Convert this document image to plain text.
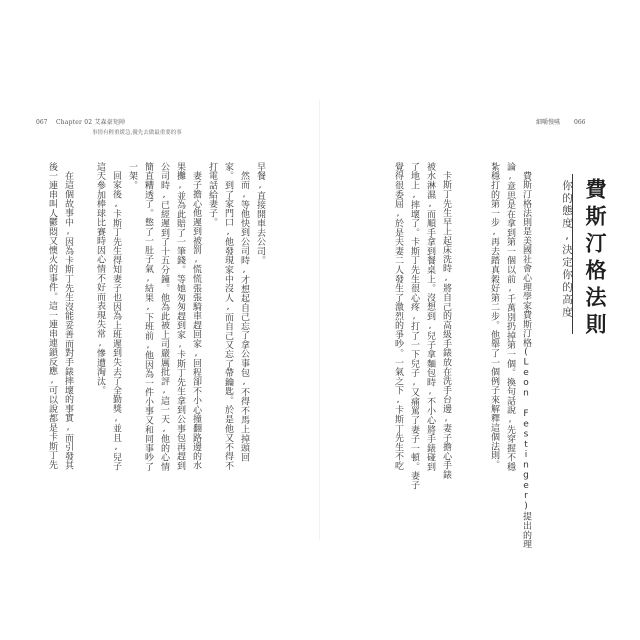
067 Chapter 02 艾森豪矩陣
事情有輕重緩急,優先去做最重要的事
細嚼慢嚥 066
費斯汀格法則
你的態度,決定你的高度
費斯汀格法則是美國社會心理學家費斯汀格(Leon Festinger)提出的理
論,意思是在拿到第一個以前,千萬別扔掉第一個。換句話說,先穿握不穩
紮穩打的第一步,再去踏真穀好第二步。他舉了一個例子來解釋這個法則。
卡斯丁先生早上起床洗時,將自己的高級手錶放在洗手台邊,妻子擔心手錶
被水淋濕,而順手拿到餐桌上。沒想到,兒子拿麵包時,不小心將手錶碰到
了地上,摔壞了。卡斯丁先生很心疼,打了一下兒子,又痛罵了妻子一頓。妻子
覺得很委屈,於是夫妻二人發生了激烈的爭吵。一氣之下,卡斯丁先生不吃
早餐,直接開車去公司。
然而,等他快到公司時,才想起自己忘了拿公事包,不得不馬上掉頭回
家。到了家門口,他發現家中沒人,而自己又忘了帶鑰匙。於是他又不得不
打電話給妻子。
妻子擔心他遲到被罰,慌慌張張騎車趕回家,回程卻不小心撞翻路邊的水
果攤,並為此賠了一筆錢。等她匆匆趕到家,卡斯丁先生拿到公事包再趕到
公司時,已經遲到了十五分鐘。他為此被上司嚴厲批評,這一天,他的心情
簡直糟透了。憋了一肚子氣,結果,下班前,他因為一件小事又和同事吵了
一架。
回家後,卡斯丁先生得知妻子也因為上班遲到失去了全勤獎,並且,兒子
這天參加棒球比賽時因心情不好而表現失常,慘遭淘汰。
在這個故事中,因為卡斯丁先生沒能妥善而對手錶摔壞的事實,而引發其
後一連串叫人鬱悶又懊火的事件。這一連串連鎖反應,可以說都是卡斯丁先
